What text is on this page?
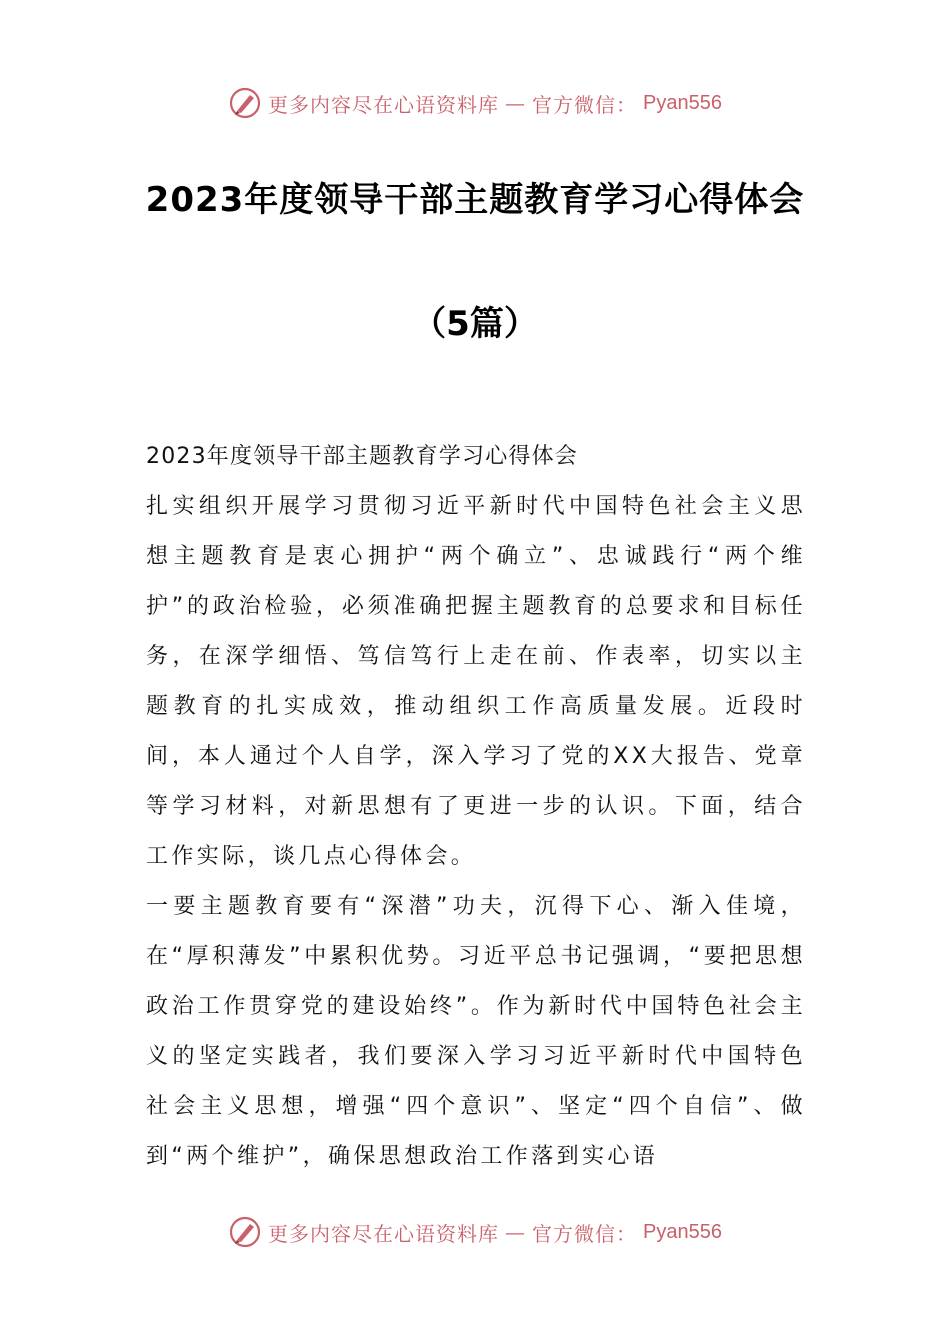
更多内容尽在心语资料库 — 官方微信： Pyan556
2023年度领导干部主题教育学习心得体会
（5篇）

2023年度领导干部主题教育学习心得体会

扎实组织开展学习贯彻习近平新时代中国特色社会主义思想主题教育是衷心拥护“两个确立”、忠诚践行“两个维护”的政治检验，必须准确把握主题教育的总要求和目标任务，在深学细悟、笃信笃行上走在前、作表率，切实以主题教育的扎实成效，推动组织工作高质量发展。近段时间，本人通过个人自学，深入学习了党的XX大报告、党章等学习材料，对新思想有了更进一步的认识。下面，结合工作实际，谈几点心得体会。

一要主题教育要有“深潜”功夫，沉得下心、渐入佳境，在“厚积薄发”中累积优势。习近平总书记强调，“要把思想政治工作贯穿党的建设始终”。作为新时代中国特色社会主义的坚定实践者，我们要深入学习习近平新时代中国特色社会主义思想，增强“四个意识”、坚定“四个自信”、做到“两个维护”，确保思想政治工作落到实心语

更多内容尽在心语资料库 — 官方微信： Pyan556
